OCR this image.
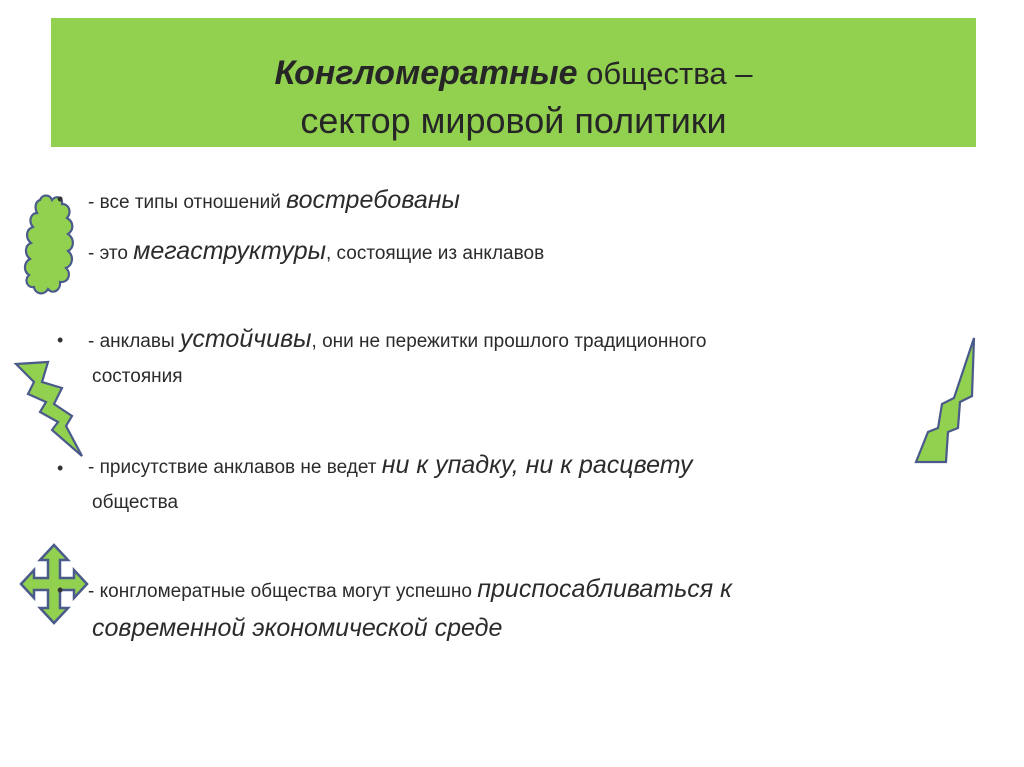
Конгломератные общества –
сектор мировой политики
• - все типы отношений востребованы
- это мегаструктуры, состоящие из анклавов
• - анклавы устойчивы, они не пережитки прошлого традиционного
состояния
• - присутствие анклавов не ведет ни к упадку, ни к расцвету
общества
• - конгломератные общества могут успешно приспосабливаться к
современной экономической среде
